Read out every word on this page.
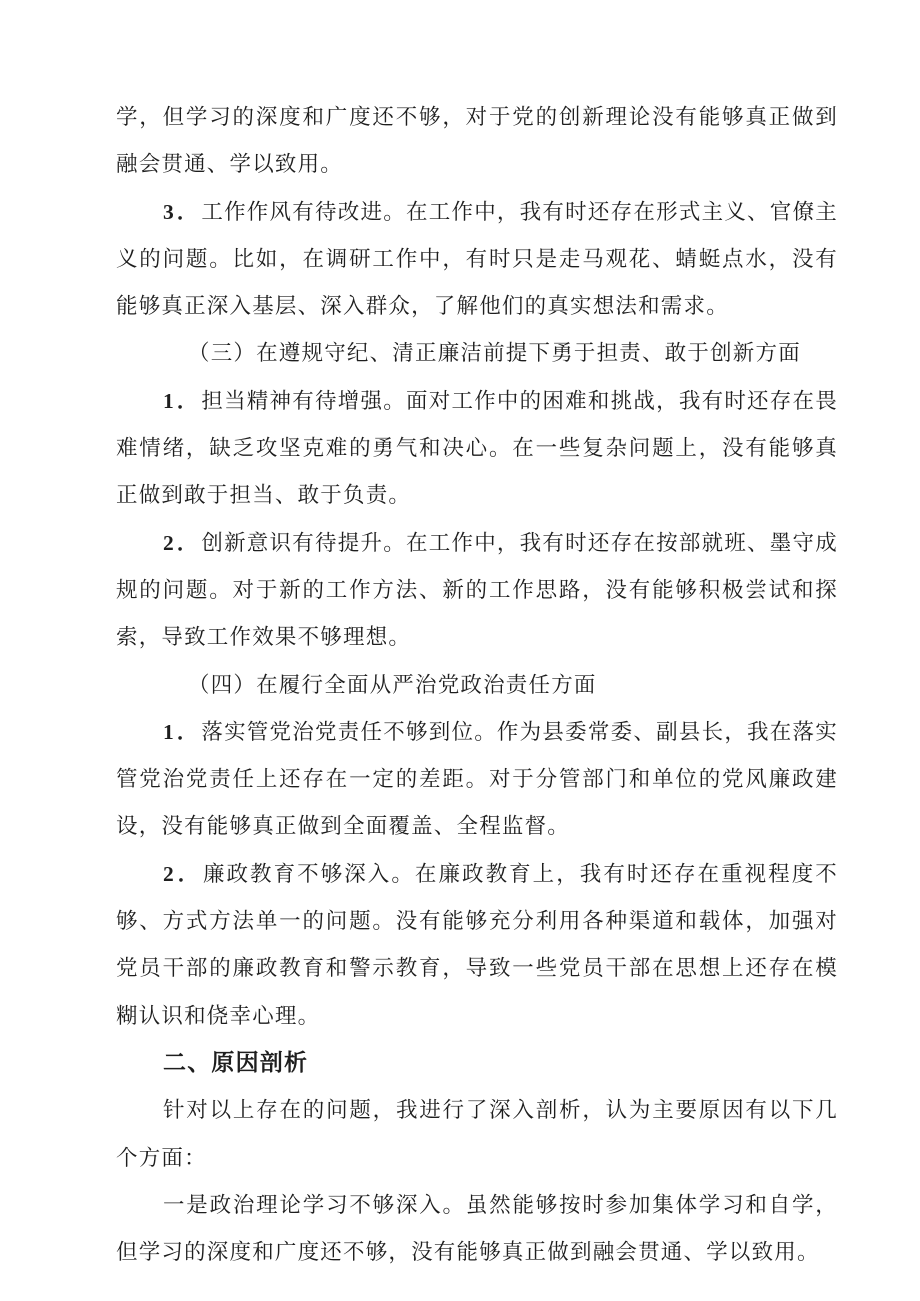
学，但学习的深度和广度还不够，对于党的创新理论没有能够真正做到融会贯通、学以致用。

3．工作作风有待改进。在工作中，我有时还存在形式主义、官僚主义的问题。比如，在调研工作中，有时只是走马观花、蜻蜓点水，没有能够真正深入基层、深入群众，了解他们的真实想法和需求。

（三）在遵规守纪、清正廉洁前提下勇于担责、敢于创新方面

1．担当精神有待增强。面对工作中的困难和挑战，我有时还存在畏难情绪，缺乏攻坚克难的勇气和决心。在一些复杂问题上，没有能够真正做到敢于担当、敢于负责。

2．创新意识有待提升。在工作中，我有时还存在按部就班、墨守成规的问题。对于新的工作方法、新的工作思路，没有能够积极尝试和探索，导致工作效果不够理想。

（四）在履行全面从严治党政治责任方面

1．落实管党治党责任不够到位。作为县委常委、副县长，我在落实管党治党责任上还存在一定的差距。对于分管部门和单位的党风廉政建设，没有能够真正做到全面覆盖、全程监督。

2．廉政教育不够深入。在廉政教育上，我有时还存在重视程度不够、方式方法单一的问题。没有能够充分利用各种渠道和载体，加强对党员干部的廉政教育和警示教育，导致一些党员干部在思想上还存在模糊认识和侥幸心理。

二、原因剖析

针对以上存在的问题，我进行了深入剖析，认为主要原因有以下几个方面：

一是政治理论学习不够深入。虽然能够按时参加集体学习和自学，但学习的深度和广度还不够，没有能够真正做到融会贯通、学以致用。
